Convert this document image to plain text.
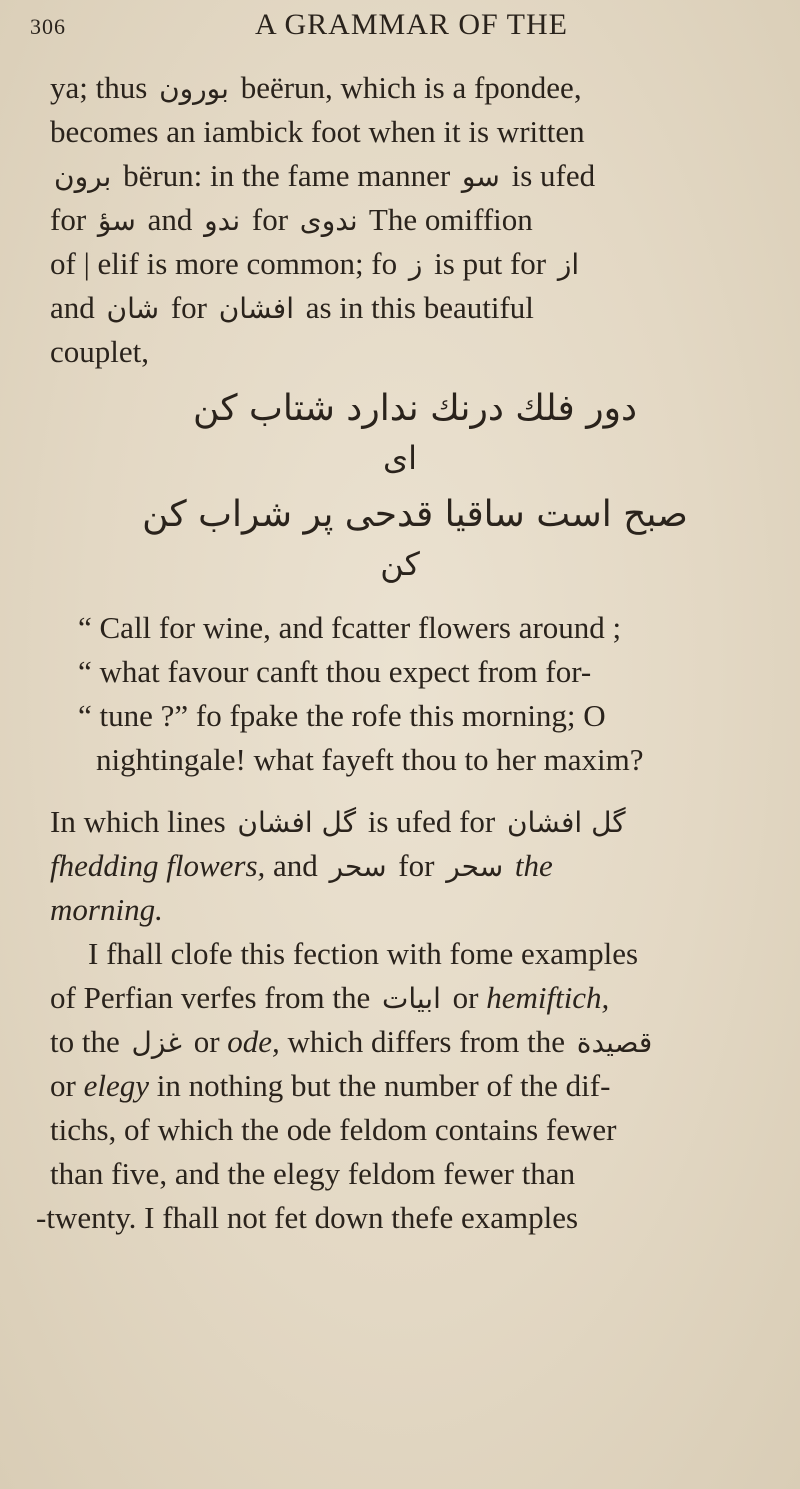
306	A GRAMMAR OF THE
ya; thus بورون beërun, which is a fpondee,
becomes an iambick foot when it is written
برون bërun: in the fame manner ﺳﻮ is ufed
for ﺳﺆ and ﻧﺪﻭ for ﻧﺪﻭﯼ The omiffion
of | elif is more common; fo ز is put for ﺍﺯ
and ﺷﺎﻥ for ﺍﻓﺸﺎﻥ as in this beautiful
couplet,
دور فلك درنك ندارد شتاب كن
ای
صبح است ساقیا قدحی پر شراب کن
کن
“ Call for wine, and fcatter flowers around ;
“ what favour canft thou expect from for-
“ tune ?” fo fpake the rofe this morning; O
nightingale! what fayeft thou to her maxim?
In which lines گل افشان is ufed for گل افشان
fhedding flowers, and سحر for سحر the
morning.
I fhall clofe this fection with fome examples
of Perfian verfes from the اﺑﯿﺎﺕ or hemiftich,
to the غزل or ode, which differs from the قصيدة
or elegy in nothing but the number of the dif-
tichs, of which the ode feldom contains fewer
than five, and the elegy feldom fewer than
-twenty. I fhall not fet down thefe examples
